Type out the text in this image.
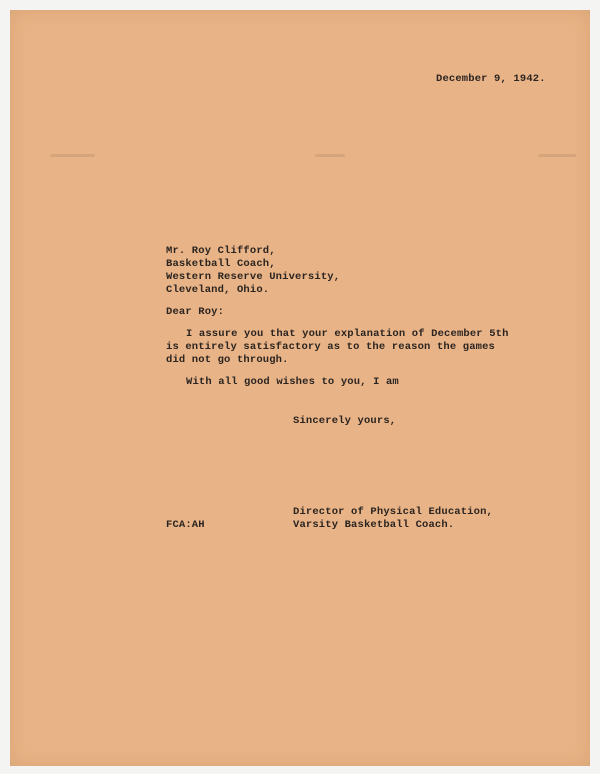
December 9, 1942.

Mr. Roy Clifford,

Basketball Coach,

Western Reserve University,

Cleveland, Ohio.

Dear Roy:

I assure you that your explanation of December 5th

is entirely satisfactory as to the reason the games

did not go through.

With all good wishes to you, I am

Sincerely yours,

Director of Physical Education,

Varsity Basketball Coach.

FCA:AH
